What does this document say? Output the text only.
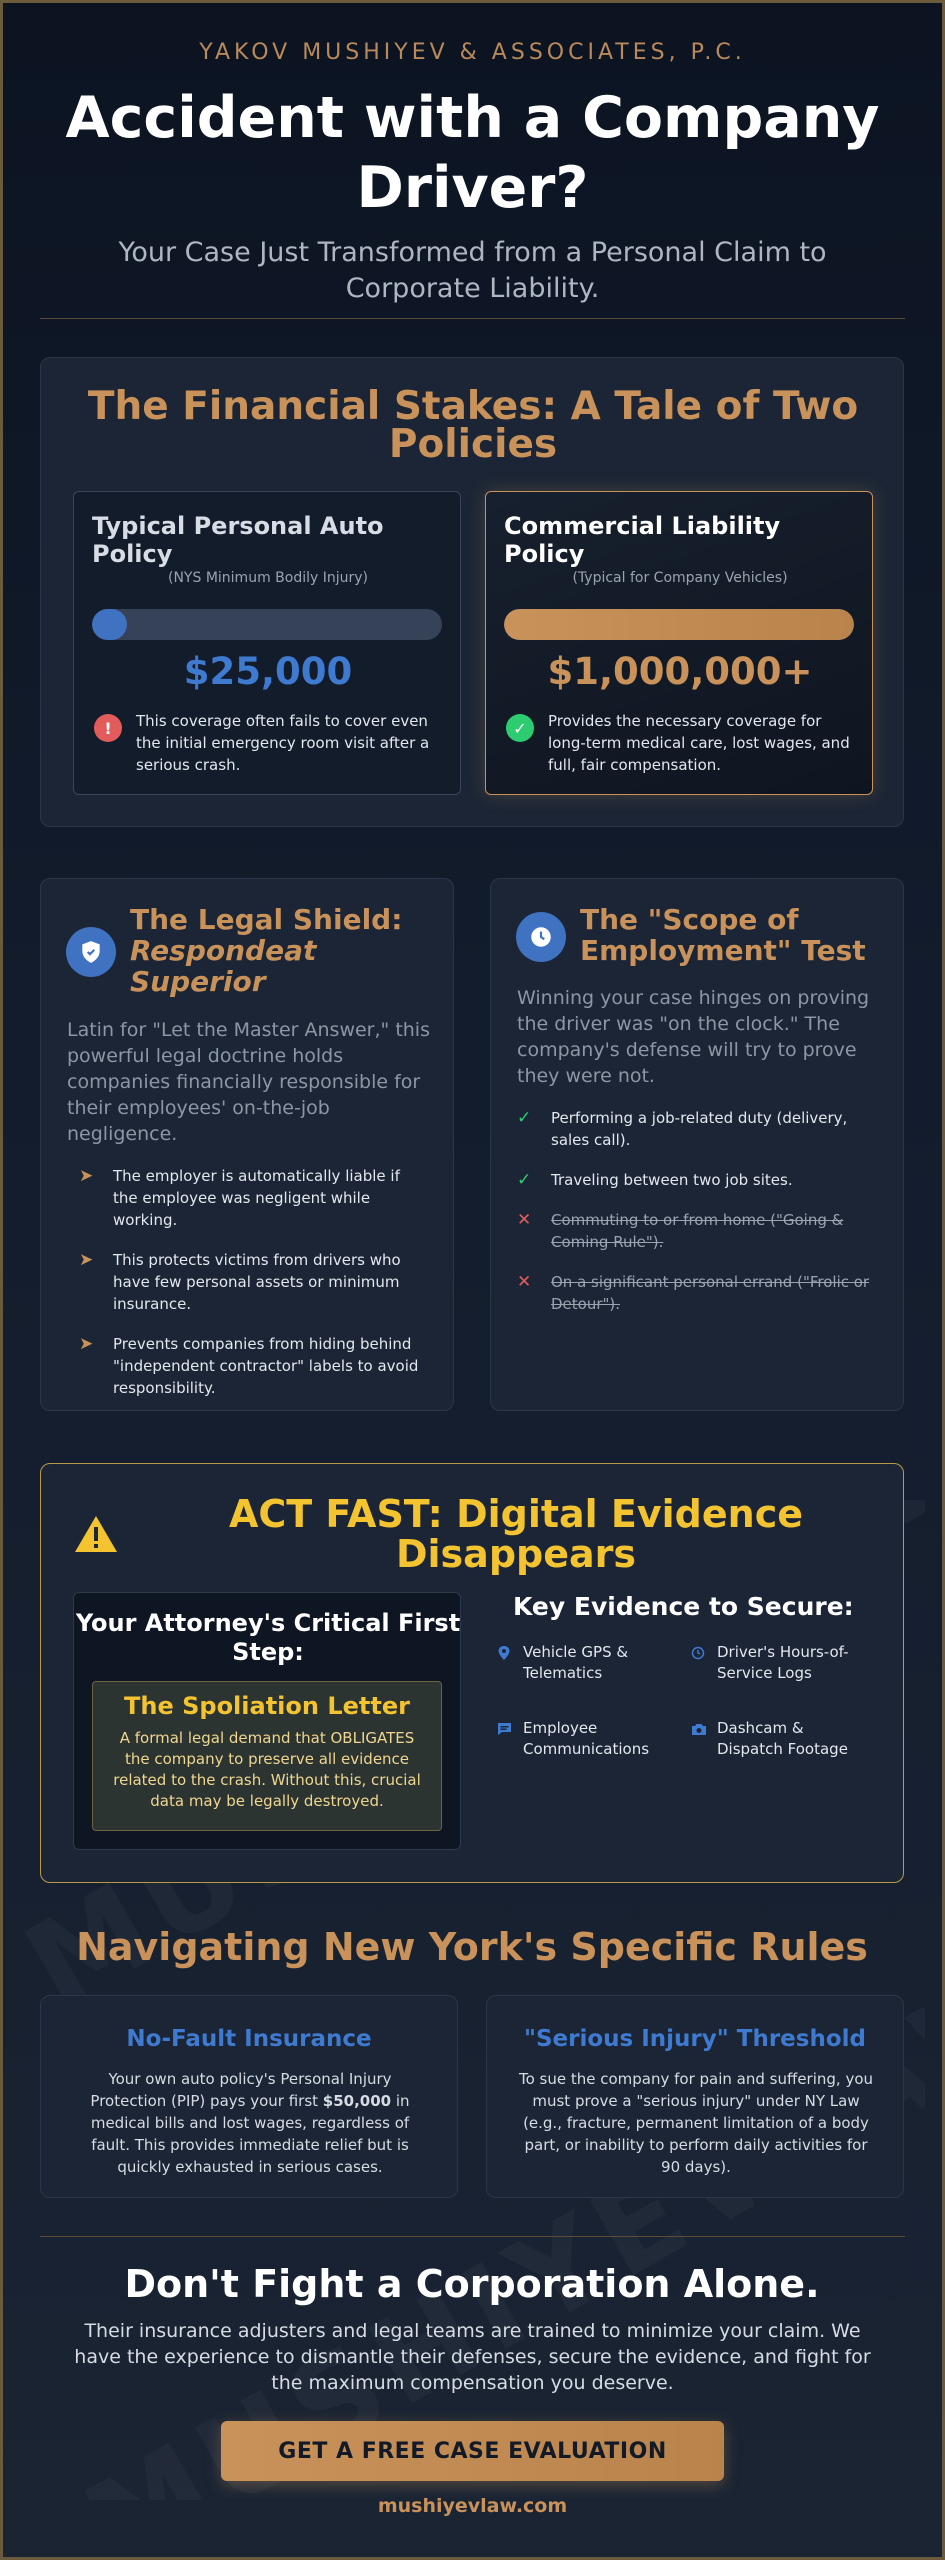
YAKOV MUSHIYEV & ASSOCIATES, P.C.
Accident with a Company Driver?
Your Case Just Transformed from a Personal Claim to Corporate Liability.
The Financial Stakes: A Tale of Two Policies
Typical Personal Auto Policy
(NYS Minimum Bodily Injury)
$25,000
!	This coverage often fails to cover even the initial emergency room visit after a serious crash.
Commercial Liability Policy
(Typical for Company Vehicles)
$1,000,000+
✓	Provides the necessary coverage for long-term medical care, lost wages, and full, fair compensation.
The Legal Shield: Respondeat Superior
Latin for "Let the Master Answer," this powerful legal doctrine holds companies financially responsible for their employees' on-the-job negligence.
➤ The employer is automatically liable if the employee was negligent while working.
➤ This protects victims from drivers who have few personal assets or minimum insurance.
➤ Prevents companies from hiding behind "independent contractor" labels to avoid responsibility.
The "Scope of Employment" Test
Winning your case hinges on proving the driver was "on the clock." The company's defense will try to prove they were not.
✓ Performing a job-related duty (delivery, sales call).
✓ Traveling between two job sites.
✕ Commuting to or from home ("Going & Coming Rule").
✕ On a significant personal errand ("Frolic or Detour").
ACT FAST: Digital Evidence Disappears
Your Attorney's Critical First Step:
The Spoliation Letter
A formal legal demand that OBLIGATES the company to preserve all evidence related to the crash. Without this, crucial data may be legally destroyed.
Key Evidence to Secure:
Vehicle GPS & Telematics
Driver's Hours-of-Service Logs
Employee Communications
Dashcam & Dispatch Footage
Navigating New York's Specific Rules
No-Fault Insurance

Your own auto policy's Personal Injury Protection (PIP) pays your first $50,000 in medical bills and lost wages, regardless of fault. This provides immediate relief but is quickly exhausted in serious cases.

"Serious Injury" Threshold

To sue the company for pain and suffering, you must prove a "serious injury" under NY Law (e.g., fracture, permanent limitation of a body part, or inability to perform daily activities for 90 days).

Don't Fight a Corporation Alone.

Their insurance adjusters and legal teams are trained to minimize your claim. We have the experience to dismantle their defenses, secure the evidence, and fight for the maximum compensation you deserve.

GET A FREE CASE EVALUATION
mushiyevlaw.com
